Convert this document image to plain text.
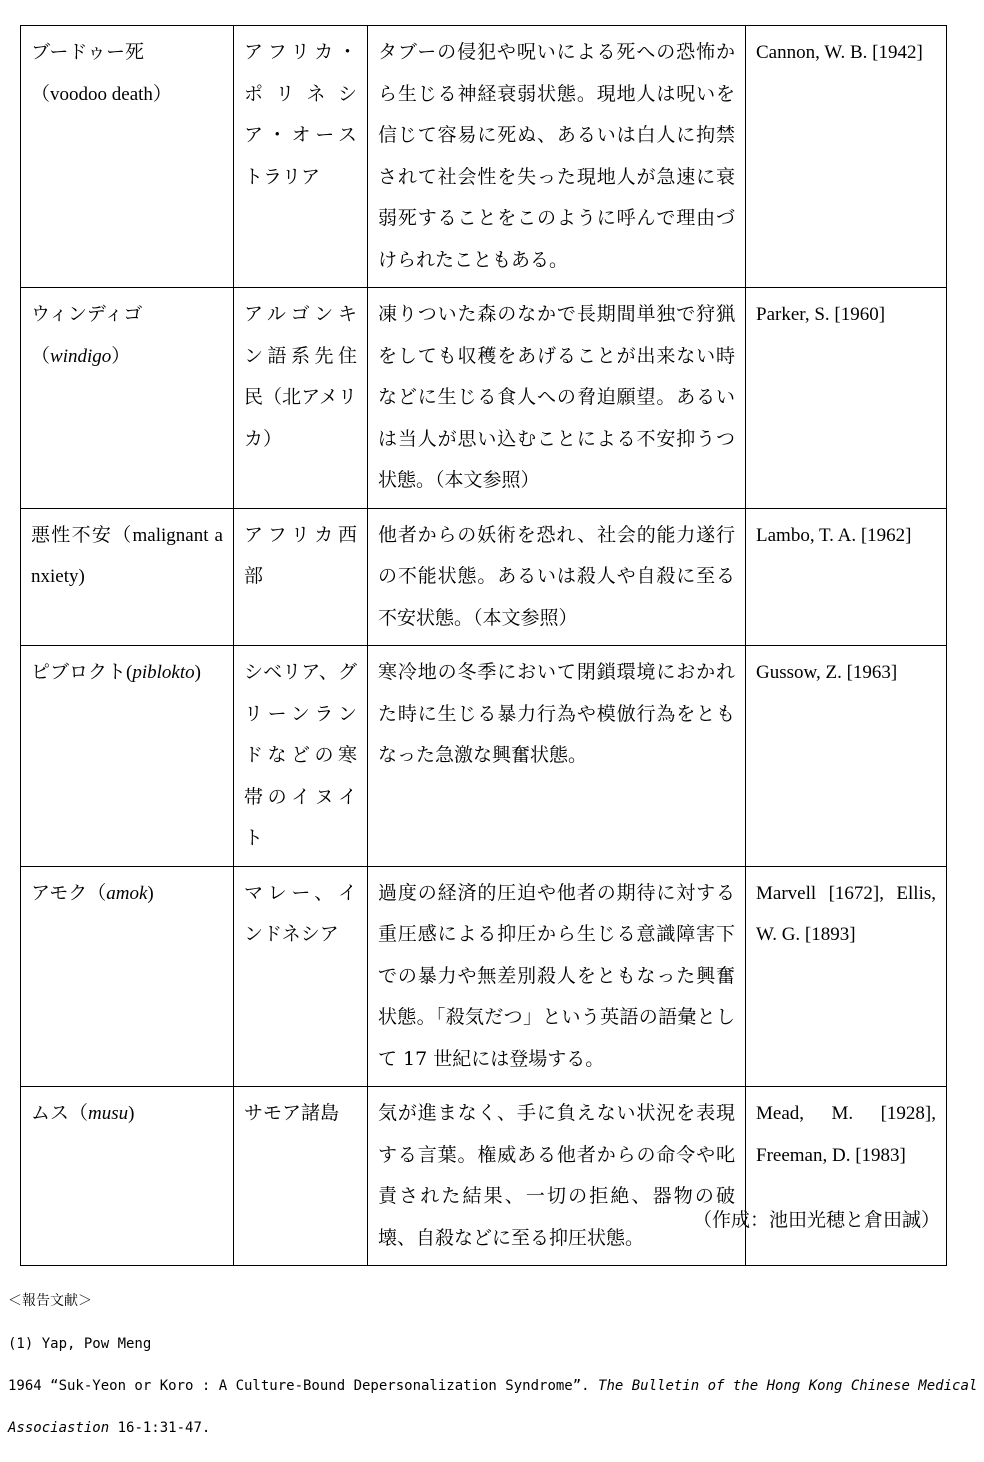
ブードゥー死
（voodoo death）	アフリカ・ポリネシア・オーストラリア	タブーの侵犯や呪いによる死への恐怖から生じる神経衰弱状態。現地人は呪いを信じて容易に死ぬ、あるいは白人に拘禁されて社会性を失った現地人が急速に衰弱死することをこのように呼んで理由づけられたこともある。	Cannon, W. B. [1942]
ウィンディゴ
（windigo）	アルゴンキン語系先住民（北アメリカ）	凍りついた森のなかで長期間単独で狩猟をしても収穫をあげることが出来ない時などに生じる食人への脅迫願望。あるいは当人が思い込むことによる不安抑うつ状態。（本文参照）	Parker, S. [1960]
悪性不安（malignant anxiety)	アフリカ西部	他者からの妖術を恐れ、社会的能力遂行の不能状態。あるいは殺人や自殺に至る不安状態。（本文参照）	Lambo, T. A. [1962]
ピブロクト(piblokto)	シベリア、グリーンランドなどの寒帯のイヌイト	寒冷地の冬季において閉鎖環境におかれた時に生じる暴力行為や模倣行為をともなった急激な興奮状態。	Gussow, Z. [1963]
アモク（amok)	マレー、インドネシア	過度の経済的圧迫や他者の期待に対する重圧感による抑圧から生じる意識障害下での暴力や無差別殺人をともなった興奮状態。「殺気だつ」という英語の語彙として 17 世紀には登場する。	Marvell [1672], Ellis, W. G. [1893]
ムス（musu)	サモア諸島	気が進まなく、手に負えない状況を表現する言葉。権威ある他者からの命令や叱責された結果、一切の拒絶、器物の破壊、自殺などに至る抑圧状態。	Mead, M. [1928], Freeman, D. [1983]
（作成：池田光穂と倉田誠）
＜報告文献＞
(1) Yap, Pow Meng
1964 “Suk-Yeon or Koro : A Culture-Bound Depersonalization Syndrome”. The Bulletin of the Hong Kong Chinese Medical
Associastion 16-1:31-47.
